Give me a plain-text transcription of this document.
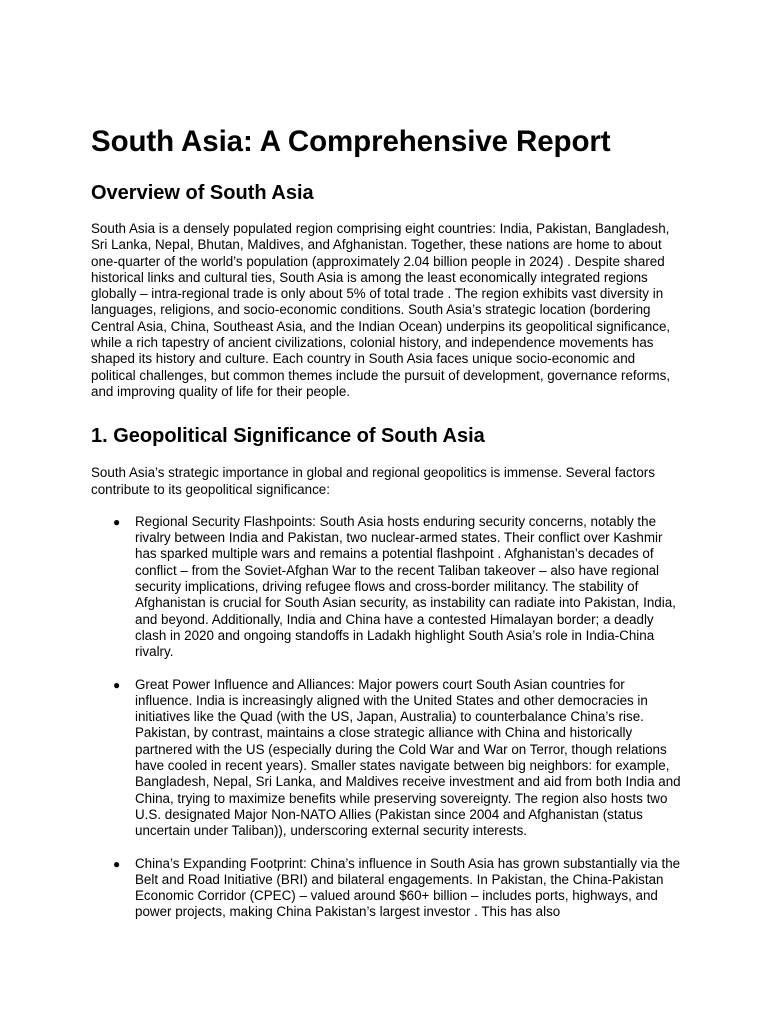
South Asia: A Comprehensive Report
Overview of South Asia

South Asia is a densely populated region comprising eight countries: India, Pakistan, Bangladesh, Sri Lanka, Nepal, Bhutan, Maldives, and Afghanistan. Together, these nations are home to about one-quarter of the world’s population (approximately 2.04 billion people in 2024) . Despite shared historical links and cultural ties, South Asia is among the least economically integrated regions globally – intra-regional trade is only about 5% of total trade . The region exhibits vast diversity in languages, religions, and socio-economic conditions. South Asia’s strategic location (bordering Central Asia, China, Southeast Asia, and the Indian Ocean) underpins its geopolitical significance, while a rich tapestry of ancient civilizations, colonial history, and independence movements has shaped its history and culture. Each country in South Asia faces unique socio-economic and political challenges, but common themes include the pursuit of development, governance reforms, and improving quality of life for their people.

1. Geopolitical Significance of South Asia

South Asia’s strategic importance in global and regional geopolitics is immense. Several factors contribute to its geopolitical significance:

● Regional Security Flashpoints: South Asia hosts enduring security concerns, notably the rivalry between India and Pakistan, two nuclear-armed states. Their conflict over Kashmir has sparked multiple wars and remains a potential flashpoint . Afghanistan’s decades of conflict – from the Soviet-Afghan War to the recent Taliban takeover – also have regional security implications, driving refugee flows and cross-border militancy. The stability of Afghanistan is crucial for South Asian security, as instability can radiate into Pakistan, India, and beyond. Additionally, India and China have a contested Himalayan border; a deadly clash in 2020 and ongoing standoffs in Ladakh highlight South Asia’s role in India-China rivalry.
● Great Power Influence and Alliances: Major powers court South Asian countries for influence. India is increasingly aligned with the United States and other democracies in initiatives like the Quad (with the US, Japan, Australia) to counterbalance China’s rise. Pakistan, by contrast, maintains a close strategic alliance with China and historically partnered with the US (especially during the Cold War and War on Terror, though relations have cooled in recent years). Smaller states navigate between big neighbors: for example, Bangladesh, Nepal, Sri Lanka, and Maldives receive investment and aid from both India and China, trying to maximize benefits while preserving sovereignty. The region also hosts two U.S. designated Major Non-NATO Allies (Pakistan since 2004 and Afghanistan (status uncertain under Taliban)), underscoring external security interests.
● China’s Expanding Footprint: China’s influence in South Asia has grown substantially via the Belt and Road Initiative (BRI) and bilateral engagements. In Pakistan, the China-Pakistan Economic Corridor (CPEC) – valued around $60+ billion – includes ports, highways, and power projects, making China Pakistan’s largest investor . This has also
